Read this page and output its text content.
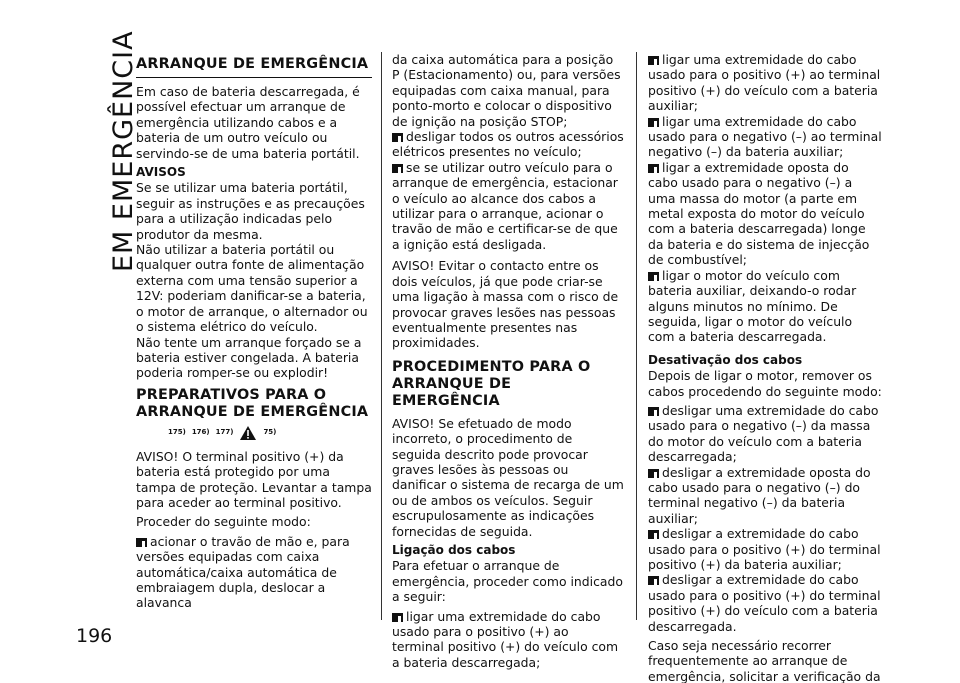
EM EMERGÊNCIA
196
ARRANQUE DE EMERGÊNCIA

Em caso de bateria descarregada, é possível efectuar um arranque de emergência utilizando cabos e a bateria de um outro veículo ou servindo-se de uma bateria portátil.

AVISOS

Se se utilizar uma bateria portátil, seguir as instruções e as precauções para a utilização indicadas pelo produtor da mesma.

Não utilizar a bateria portátil ou qualquer outra fonte de alimentação externa com uma tensão superior a 12V: poderiam danificar-se a bateria, o motor de arranque, o alternador ou o sistema elétrico do veículo.

Não tente um arranque forçado se a bateria estiver congelada. A bateria poderia romper-se ou explodir!

PREPARATIVOS PARA O ARRANQUE DE EMERGÊNCIA
175) 176) 177)	75)

AVISO! O terminal positivo (+) da bateria está protegido por uma tampa de proteção. Levantar a tampa para aceder ao terminal positivo.

Proceder do seguinte modo:

acionar o travão de mão e, para versões equipadas com caixa automática/caixa automática de embraiagem dupla, deslocar a alavanca

da caixa automática para a posição P (Estacionamento) ou, para versões equipadas com caixa manual, para ponto-morto e colocar o dispositivo de ignição na posição STOP;

desligar todos os outros acessórios elétricos presentes no veículo;
se se utilizar outro veículo para o arranque de emergência, estacionar o veículo ao alcance dos cabos a utilizar para o arranque, acionar o travão de mão e certificar-se de que a ignição está desligada.

AVISO! Evitar o contacto entre os dois veículos, já que pode criar-se uma ligação à massa com o risco de provocar graves lesões nas pessoas eventualmente presentes nas proximidades.

PROCEDIMENTO PARA O ARRANQUE DE EMERGÊNCIA

AVISO! Se efetuado de modo incorreto, o procedimento de seguida descrito pode provocar graves lesões às pessoas ou danificar o sistema de recarga de um ou de ambos os veículos. Seguir escrupulosamente as indicações fornecidas de seguida.

Ligação dos cabos

Para efetuar o arranque de emergência, proceder como indicado a seguir:

ligar uma extremidade do cabo usado para o positivo (+) ao terminal positivo (+) do veículo com a bateria descarregada;
ligar uma extremidade do cabo usado para o positivo (+) ao terminal positivo (+) do veículo com a bateria auxiliar;
ligar uma extremidade do cabo usado para o negativo (–) ao terminal negativo (–) da bateria auxiliar;
ligar a extremidade oposta do cabo usado para o negativo (–) a uma massa do motor (a parte em metal exposta do motor do veículo com a bateria descarregada) longe da bateria e do sistema de injecção de combustível;
ligar o motor do veículo com bateria auxiliar, deixando-o rodar alguns minutos no mínimo. De seguida, ligar o motor do veículo com a bateria descarregada.
Desativação dos cabos

Depois de ligar o motor, remover os cabos procedendo do seguinte modo:

desligar uma extremidade do cabo usado para o negativo (–) da massa do motor do veículo com a bateria descarregada;
desligar a extremidade oposta do cabo usado para o negativo (–) do terminal negativo (–) da bateria auxiliar;
desligar a extremidade do cabo usado para o positivo (+) do terminal positivo (+) da bateria auxiliar;
desligar a extremidade do cabo usado para o positivo (+) do terminal positivo (+) do veículo com a bateria descarregada.

Caso seja necessário recorrer frequentemente ao arranque de emergência, solicitar a verificação da
